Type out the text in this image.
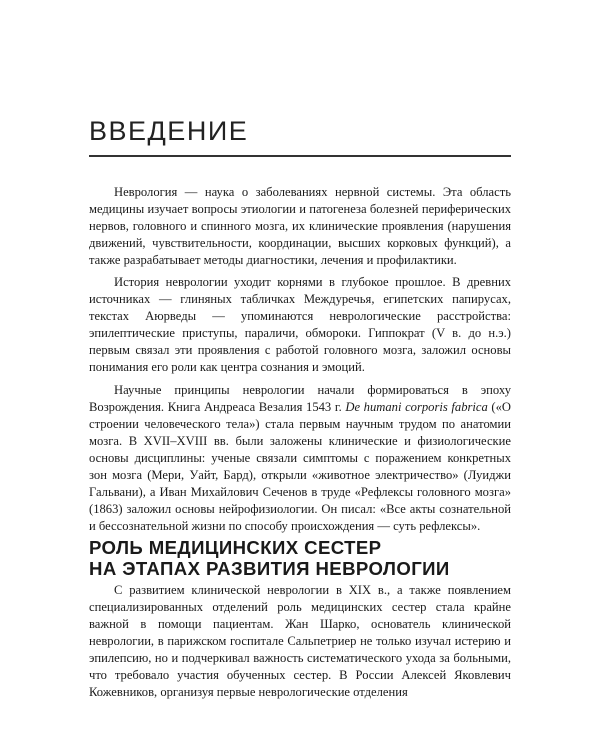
ВВЕДЕНИЕ

Неврология — наука о заболеваниях нервной системы. Эта область медицины изучает вопросы этиологии и патогенеза болезней периферических нервов, головного и спинного мозга, их клинические проявления (нарушения движений, чувствительности, координации, высших корковых функций), а также разрабатывает методы диагностики, лечения и профилактики.

История неврологии уходит корнями в глубокое прошлое. В древних источниках — глиняных табличках Междуречья, египетских папирусах, текстах Аюрведы — упоминаются неврологические расстройства: эпилептические приступы, параличи, обмороки. Гиппократ (V в. до н.э.) первым связал эти проявления с работой головного мозга, заложил основы понимания его роли как центра сознания и эмоций.

Научные принципы неврологии начали формироваться в эпоху Возрождения. Книга Андреаса Везалия 1543 г. De humani corporis fabrica («О строении человеческого тела») стала первым научным трудом по анатомии мозга. В XVII–XVIII вв. были заложены клинические и физиологические основы дисциплины: ученые связали симптомы с поражением конкретных зон мозга (Мери, Уайт, Бард), открыли «животное электричество» (Луиджи Гальвани), а Иван Михайлович Сеченов в труде «Рефлексы головного мозга» (1863) заложил основы нейрофизиологии. Он писал: «Все акты сознательной и бессознательной жизни по способу происхождения — суть рефлексы».

РОЛЬ МЕДИЦИНСКИХ СЕСТЕР
НА ЭТАПАХ РАЗВИТИЯ НЕВРОЛОГИИ

С развитием клинической неврологии в XIX в., а также появлением специализированных отделений роль медицинских сестер стала крайне важной в помощи пациентам. Жан Шарко, основатель клинической неврологии, в парижском госпитале Сальпетриер не только изучал истерию и эпилепсию, но и подчеркивал важность систематического ухода за больными, что требовало участия обученных сестер. В России Алексей Яковлевич Кожевников, организуя первые неврологические отделения
